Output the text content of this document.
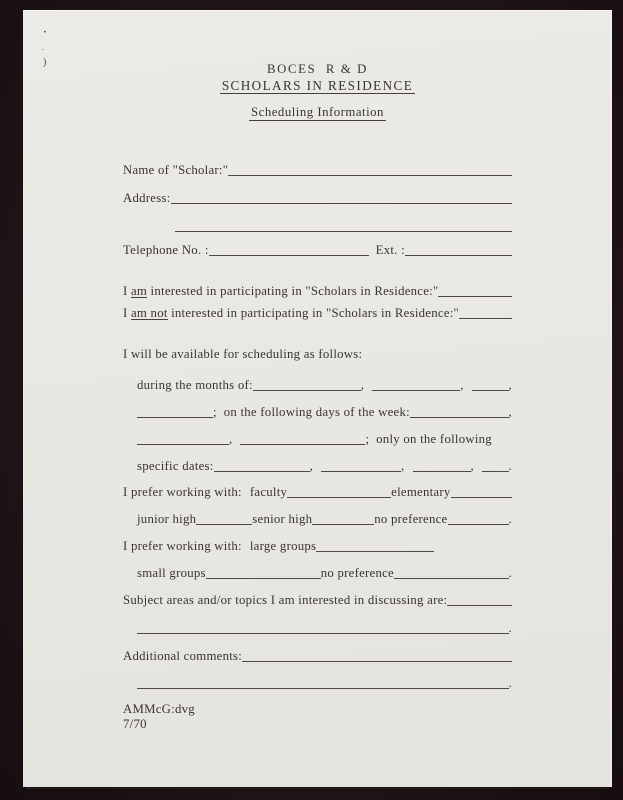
·
·
)	BOCES  R & D
SCHOLARS IN RESIDENCE
Scheduling Information
Name of "Scholar:"
Address:
Telephone No. :	Ext. :
I am interested in participating in "Scholars in Residence:"
I am not interested in participating in "Scholars in Residence:"
I will be available for scheduling as follows:
during the months of:	,	,	,
;  on the following days of the week:	,
,	;  only on the following
specific dates:	,	,	,	.
I prefer working with: faculty	elementary
junior high	senior high	no preference	.
I prefer working with: large groups
small groups	no preference	.
Subject areas and/or topics I am interested in discussing are:
.
Additional comments:
.
AMMcG:dvg
7/70
